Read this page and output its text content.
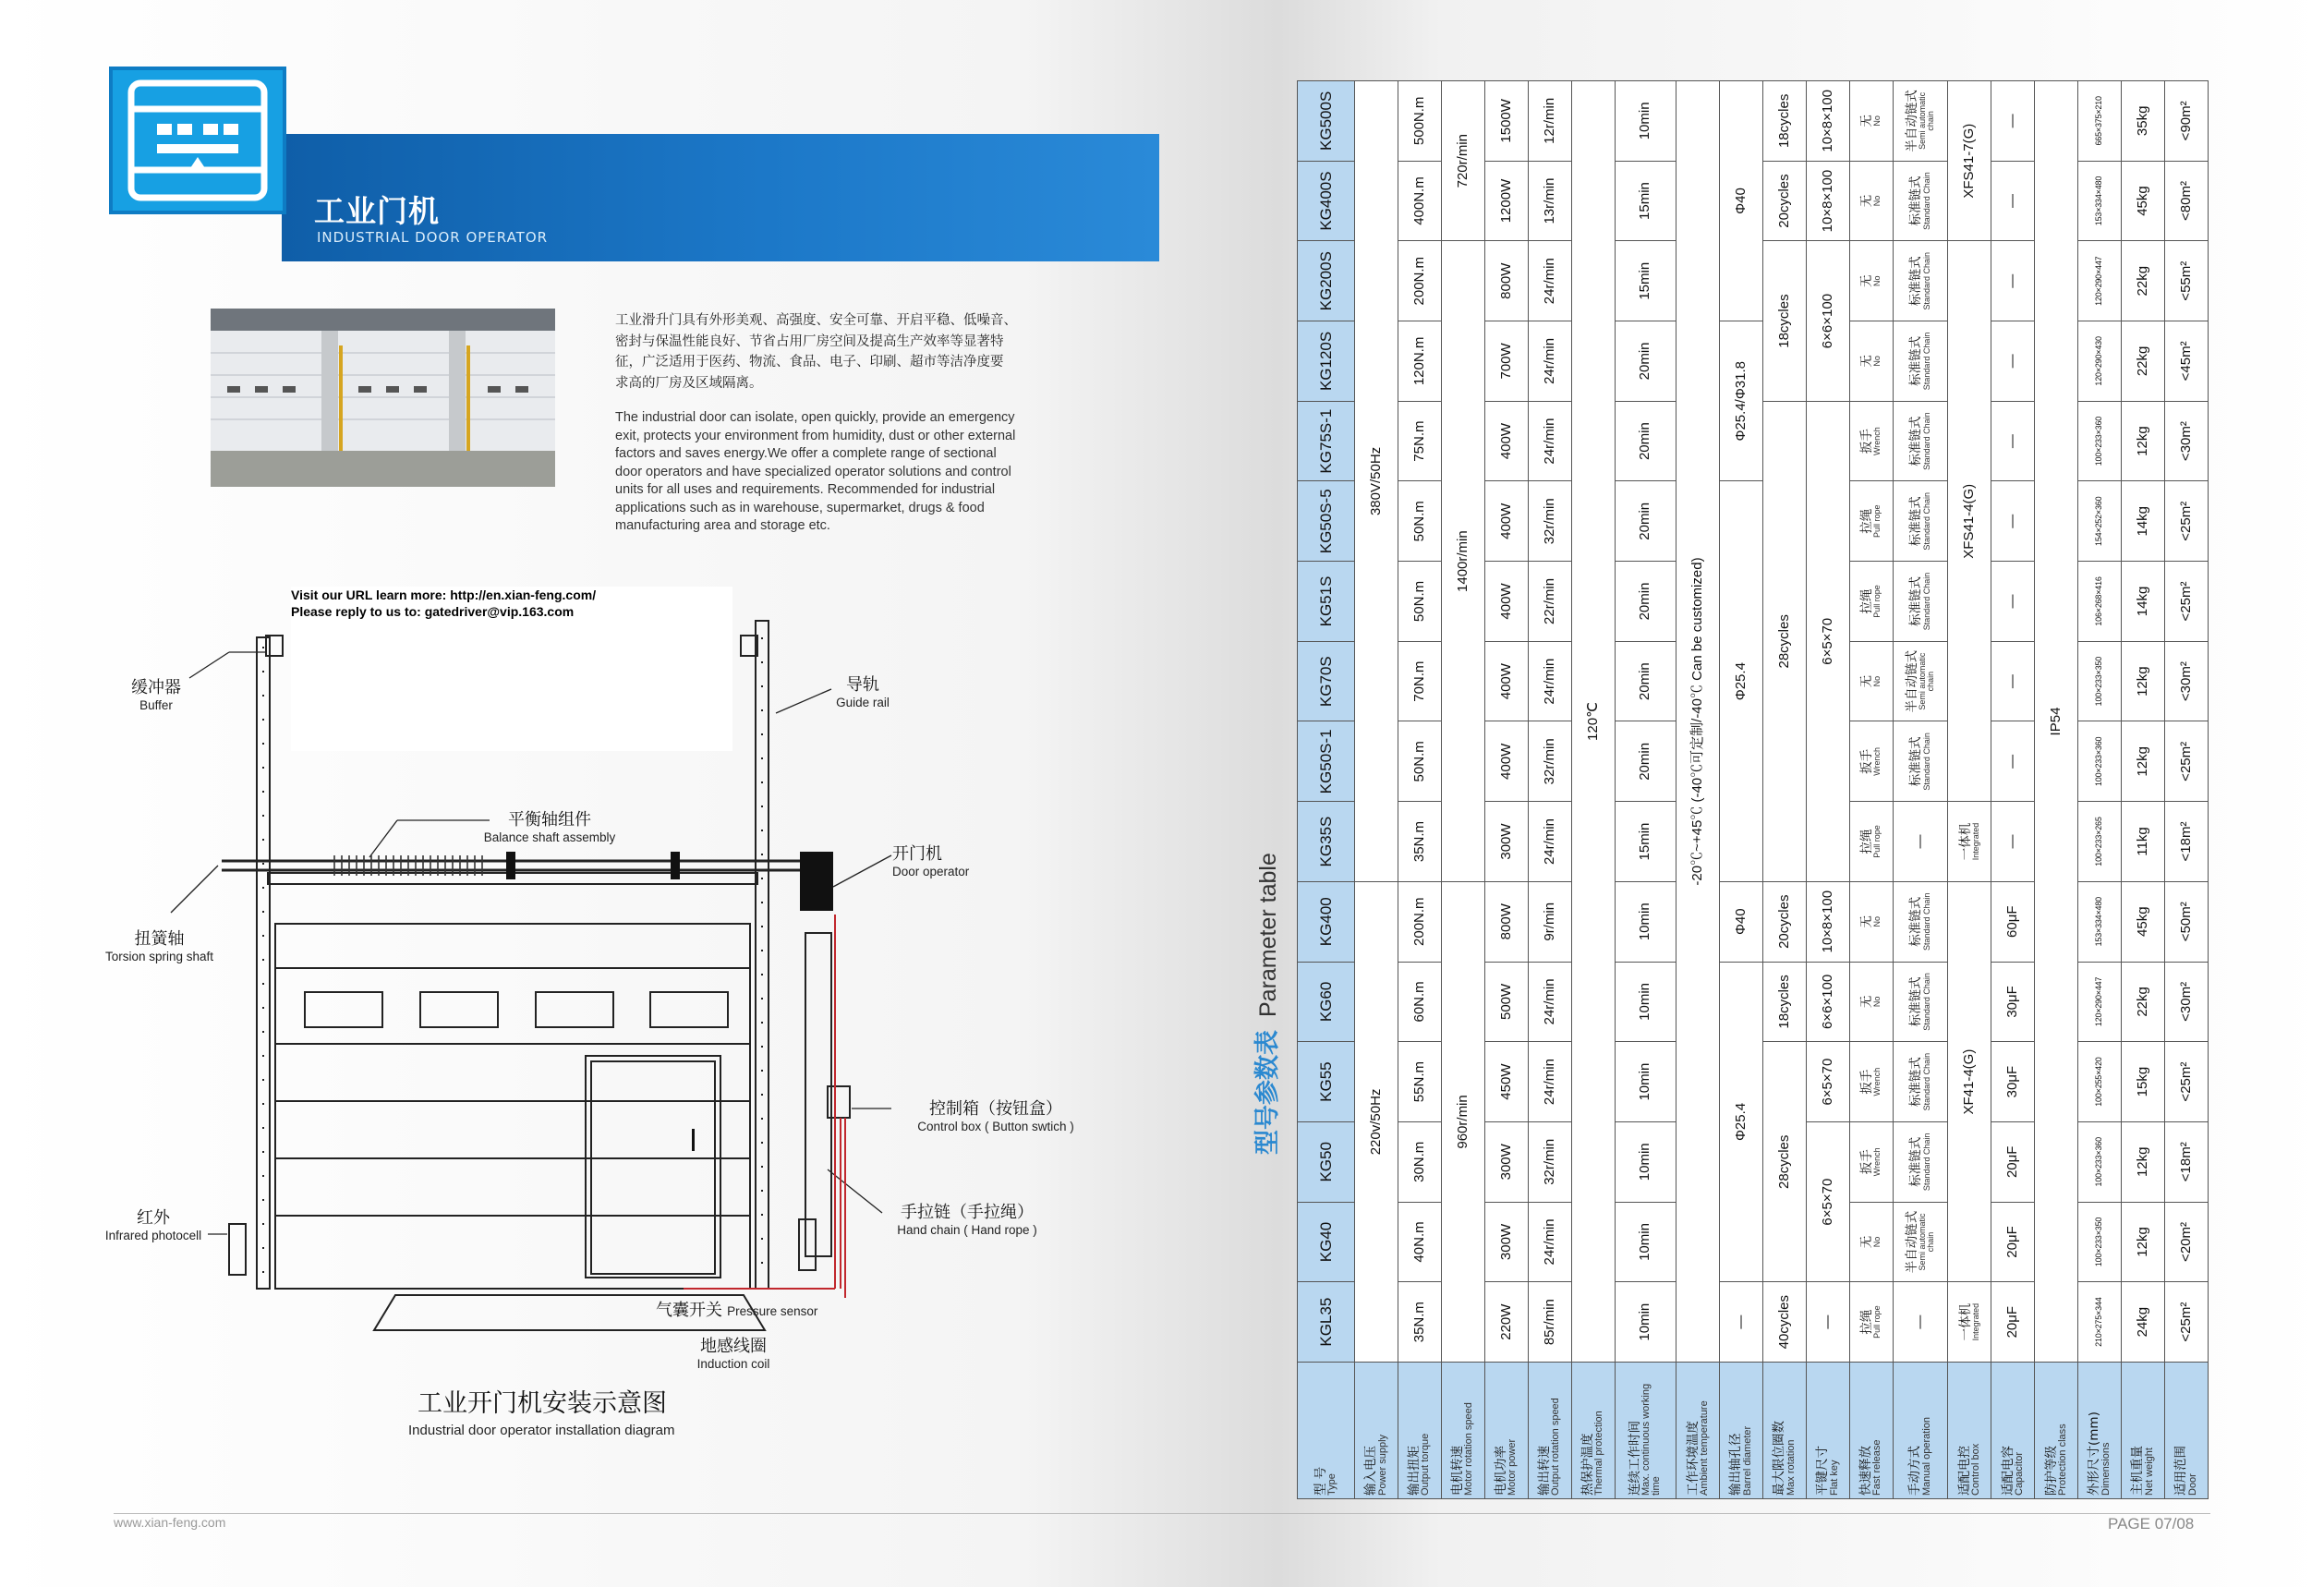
工业门机
INDUSTRIAL DOOR OPERATOR
工业滑升门具有外形美观、高强度、安全可靠、开启平稳、低噪音、
密封与保温性能良好、节省占用厂房空间及提高生产效率等显著特
征，广泛适用于医药、物流、食品、电子、印刷、超市等洁净度要
求高的厂房及区域隔离。
The industrial door can isolate, open quickly, provide an emergency
exit, protects your environment from humidity, dust or other external
factors and saves energy.We offer a complete range of sectional
door operators and have specialized operator solutions and control
units for all uses and requirements. Recommended for industrial
applications such as in warehouse, supermarket, drugs & food
manufacturing area and storage etc.
Visit our URL learn more: http://en.xian-feng.com/
Please reply to us to: gatedriver@vip.163.com
缓冲器
Buffer
导轨
Guide rail
平衡轴组件
Balance shaft assembly
开门机
Door operator
扭簧轴
Torsion spring shaft
控制箱（按钮盒）
Control box ( Button swtich )
红外
Infrared photocell
手拉链（手拉绳）
Hand chain ( Hand rope )
气囊开关 Pressure sensor
地感线圈
Induction coil
工业开门机安装示意图
Industrial door operator installation diagram
型号参数表Parameter table
型 号
Type	KGL35	KG40	KG50	KG55	KG60	KG400	KG35S	KG50S-1	KG70S	KG51S	KG50S-5	KG75S-1	KG120S	KG200S	KG400S	KG500S

输入电压
Power supply	220v/50Hz						380V/50Hz									

输出扭矩
Output torque	35N.m	40N.m	30N.m	55N.m	60N.m	200N.m	35N.m	50N.m	70N.m	50N.m	50N.m	75N.m	120N.m	200N.m	400N.m	500N.m

电机转速
Motor rotation speed	960r/min						1400r/min								720r/min	

电机功率
Motor power	220W	300W	300W	450W	500W	800W	300W	400W	400W	400W	400W	400W	700W	800W	1200W	1500W

输出转速
Output rotation speed	85r/min	24r/min	32r/min	24r/min	24r/min	9r/min	24r/min	32r/min	24r/min	22r/min	32r/min	24r/min	24r/min	24r/min	13r/min	12r/min

热保护温度
Thermal protection	120℃															

连续工作时间
Max. continuous working time	10min	10min	10min	10min	10min	10min	15min	20min	20min	20min	20min	20min	20min	15min	15min	10min

工作环境温度
Ambient temperature	-20℃~+45℃ (-40℃可定制/-40℃ Can be customized)															

输出轴孔径
Barrel diameter	—	Φ25.4				Φ40	Φ25.4					Φ25.4/Φ31.8		Φ40		

最大限位圈数
Max rotation	40cycles	28cycles			18cycles	20cycles	28cycles						18cycles		20cycles	18cycles

平键尺寸
Flat key	—	6×5×70		6×5×70	6×6×100	10×8×100	6×5×70						6×6×100		10×8×100	10×8×100

快速释放
Fast release	拉绳
Pull rope	无
No	扳手
Wrench	扳手
Wrench	无
No	无
No	拉绳
Pull rope	扳手
Wrench	无
No	拉绳
Pull rope	拉绳
Pull rope	扳手
Wrench	无
No	无
No	无
No	无
No

手动方式
Manual operation	—	半自动链式
Semi automatic chain	标准链式
Standard Chain	标准链式
Standard Chain	标准链式
Standard Chain	标准链式
Standard Chain	—	标准链式
Standard Chain	半自动链式
Semi automatic chain	标准链式
Standard Chain	标准链式
Standard Chain	标准链式
Standard Chain	标准链式
Standard Chain	标准链式
Standard Chain	标准链式
Standard Chain	半自动链式
Semi automatic chain

适配电控
Control box	一体机
Integrated	XF41-4(G)					一体机
Integrated	XFS41-4(G)							XFS41-7(G)	

适配电容
Capacitor	20μF	20μF	20μF	30μF	30μF	60μF	—	—	—	—	—	—	—	—	—	—

防护等级
Protection class	IP54															

外形尺寸(mm)
Dimensions	210×275×344	100×233×350	100×233×360	100×255×420	120×290×447	153×334×480	100×233×265	100×233×360	100×233×350	106×268×416	154×252×360	100×233×360	120×290×430	120×290×447	153×334×480	665×375×210

主机重量
Net weight	24kg	12kg	12kg	15kg	22kg	45kg	11kg	12kg	12kg	14kg	14kg	12kg	22kg	22kg	45kg	35kg

适用范围
Door	<25m²	<20m²	<18m²	<25m²	<30m²	<50m²	<18m²	<25m²	<30m²	<25m²	<25m²	<30m²	<45m²	<55m²	<80m²	<90m²
www.xian-feng.com	PAGE 07/08
